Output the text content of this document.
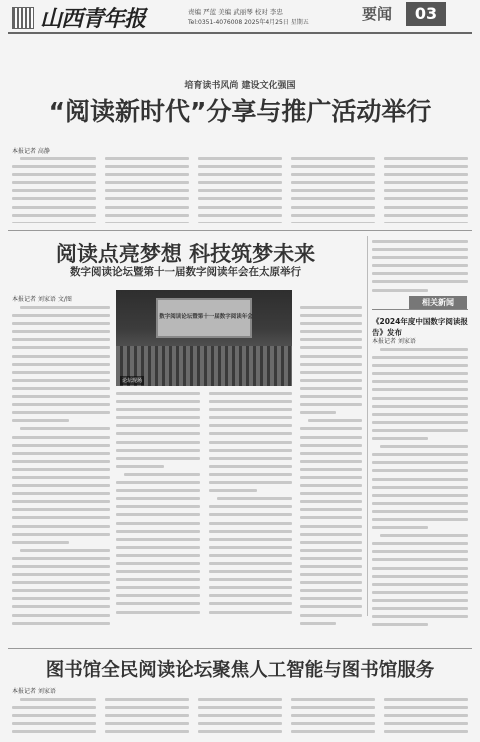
山西青年报	责编 严蓝 美编 武丽琴 校对 李忠
Tel:0351-4076008 2025年4月25日 星期五	要闻	03
培育读书风尚 建设文化强国
“阅读新时代”分享与推广活动举行
本报记者 高静
阅读点亮梦想 科技筑梦未来
数字阅读论坛暨第十一届数字阅读年会在太原举行
本报记者 刘家语 文/图
数字阅读论坛暨第十一届数字阅读年会
论坛现场
相关新闻
《2024年度中国数字阅读报告》发布
本报记者 刘家语
图书馆全民阅读论坛聚焦人工智能与图书馆服务
本报记者 刘家语
